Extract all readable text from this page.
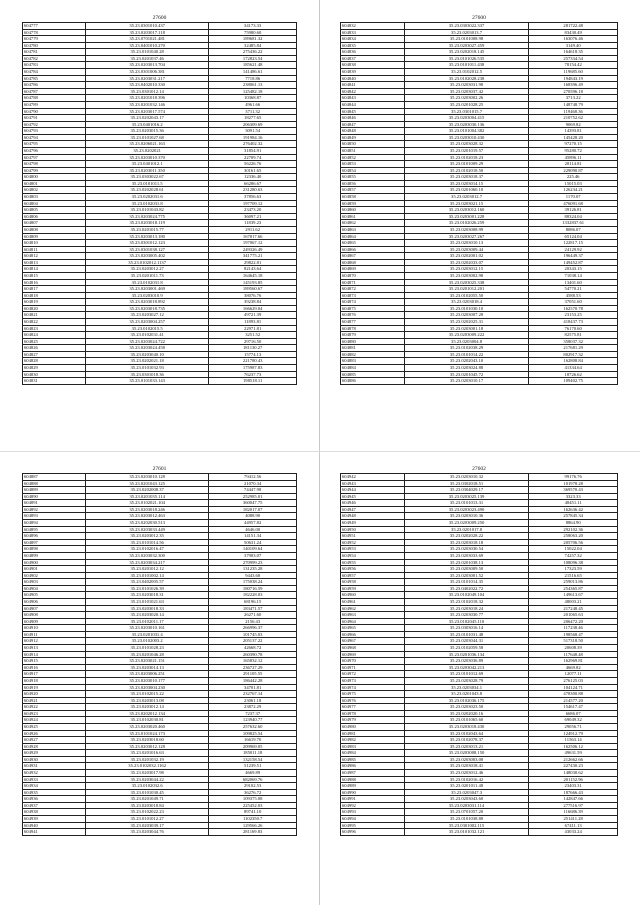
27600
604777	35.23.0301010.437	34173.33
604778	35.23.0203017.118	75980.60
604779	35.23.0701021.481	189681.32
604780	35.23.0401010.270	32485.84
604781	35.23.0101040.28	275436.22
604782	35.23.0201037.46	172823.54
604783	35.23.0203013.704	185621.48
604784	35.23.0301006.381	141486.61
604785	35.23.0203031.217	7718.86
604786	35.23.0402010.330	238061.13
604787	35.23.0301012.14	125482.18
604788	35.23.0201018.396	10368.87
604789	35.23.0201032.146	4961.66
604790	35.23.0203017.574	3711.32
604791	35.23.0202043.17	18277.65
604792	35.23.0401016.2	206309.69
604793	35.23.0203015.36	3091.54
604794	35.23.0101027.68	191984.16
604795	35.23.0206021.163	276402.32
604796	35.23.0202021	31854.91
604797	35.23.0203010.370	22709.74
604798	35.23.0401012.1	56226.76
604799	35.23.0203011.350	30161.65
604800	35.23.0303022.67	12336.40
604801	35.23.0101011.5	66286.67
604802	35.23.0202028.61	231280.63
604803	35.23.0202031.6	37856.63
604804	35.23.0102031.8	197709.12
604805	35.23.0101043.82	23473.20
604806	35.23.0203024.775	36097.21
604807	35.23.0203018.119	11839.23
604808	35.23.0201015.77	2911.62
604809	35.23.0203013.180	167817.66
604810	35.23.0301012.123	197067.12
604811	35.23.0301038.127	249326.49
604812	35.23.0203005.402	341775.21
604813	35.23.0102012.1137	29822.81
604814	35.23.0203012.27	82143.64
604815	35.23.0201011.73	164645.18
604816	35.23.0102031.8	145193.85
604817	35.23.0203001.469	189560.67
604818	35.23.0203010.9	38076.76
604819	35.23.0203018.892	39238.84
604820	35.23.0203018.735	166629.04
604821	35.23.0203027.12	49721.39
604822	35.23.0203004.257	11893.81
604823	35.23.0102015.5	22971.81
604824	35.23.0102031.41	3251.52
604825	35.23.0203024.722	29716.50
604826	35.23.0203024.458	181130.27
604827	35.23.0203040.10	15774.13
604828	35.23.0202021.18	221780.43
604829	35.23.0101032.93	175987.83
604830	35.23.0301018.36	76237.73
604831	35.23.0101033.143	198518.11
27600
604832	35.23.0303022.337	281722.48
604833	35.23.0203013.7	83430.49
604834	35.23.0101008.98	163076.46
604835	35.23.0203027.459	3149.40
604836	35.23.0202018.145	164618.35
604837	35.23.0101026.535	257334.54
604838	35.23.0101011.438	78154.42
604839	35.23.0102012.5	119685.60
604840	35.23.0102028.238	194843.19
604841	35.23.0203031.98	168396.49
604842	35.23.0203037.42	270596.18
604843	35.23.0203002.26	3713.22
604844	35.23.0201028.25	148748.79
604845	35.23.0301015.7	119468.36
604846	35.23.0203004.415	210752.62
604847	35.23.0203030.136	9069.82
604848	35.23.0101004.382	14393.81
604849	35.23.0203010.430	145428.20
604850	35.23.0203028.32	97270.15
604851	35.23.0201019.57	95280.72
604852	35.23.0102018.23	45896.11
604853	35.23.0101009.29	28114.81
604854	35.23.0102018.50	229090.87
604855	35.23.0203018.37	225.46
604856	35.23.0203014.15	15015.03
604857	35.23.0201060.10	126234.21
604858	35.23.0203012.7	1170.07
604859	35.23.0203021.15	476091.68
604860	35.23.0203012.160	39126.81
604861	35.23.0203001.228	88324.04
604862	35.23.0102026.259	1332837.61
604863	35.23.0203008.99	8086.07
604864	35.23.0203027.267	65124.04
604865	35.23.0203010.13	122817.15
604866	35.23.0203009.44	24129.92
604867	35.23.0202001.02	196449.37
604868	35.23.0202033.07	149452.87
604869	35.23.0203012.15	20343.15
604870	35.23.0203002.98	71038.14
604871	35.23.0203025.338	13401.60
604872	35.23.0201012.201	54770.21
604873	35.23.0102055.50	4588.53
604874	35.23.0203018.4	37051.60
604875	35.23.0101030.10	162570.78
604876	35.23.0203007.28	23153.25
604877	35.23.0202025.31	418437.73
604878	35.23.0203001.18	76170.60
604879	35.23.0203009.222	82575.81
604880	35.23.0203004.8	358037.32
604881	35.23.0102038.29	217681.29
604882	35.23.0101014.22	802917.32
604883	35.23.0202043.10	162808.84
604884	35.23.0203024.88	41334.64
604885	35.23.0201045.72	18726.62
604886	35.23.0203010.17	109402.75
27601
604887	35.23.0203010.128	79412.56
604888	35.23.0201043.125	21070.34
604889	35.23.0202008.37	74447.98
604890	35.23.0201035.114	252985.01
604891	35.23.0102021.104	360047.75
604892	35.23.0203018.246	182017.07
604893	35.23.0203012.463	4088.90
604894	35.23.0202030.513	44957.82
604895	35.23.0203033.449	4646.00
604896	35.23.0203012.35	14151.34
604897	35.23.0101014.56	50631.24
604898	35.23.0102016.47	140109.64
604899	35.23.0203032.300	37903.07
604900	35.23.0203034.217	270999.23
604901	35.23.0201012.12	131235.28
604902	35.23.0101002.14	9443.68
604903	35.23.0402005.57	175038.24
604904	35.23.0101026.39	180716.59
604905	35.23.0203018.31	182228.03
604906	35.23.0101021.63	68196.15
604907	35.23.0203018.33	183471.57
604908	35.23.0203020.14	26271.60
604909	35.23.0102011.17	2156.43
604910	35.23.0203010.161	266996.37
604911	35.23.0201031.4	101745.03
604912	35.23.0102003.2	205137.22
604913	35.23.0101028.23	42668.72
604914	35.23.0201046.28	260390.78
604915	35.23.0203021.151	165832.12
604916	35.23.0203014.13	236727.29
604917	35.23.0203006.251	291105.55
604918	35.23.0203010.177	186442.28
604919	35.23.0203004.230	34701.81
604920	35.23.0102015.22	232767.14
604921	35.23.0203013.08	23061.18
604922	35.23.0203012.14	23872.29
604923	35.23.0202012.134	7237.37
604924	35.23.0102030.81	123940.77
604925	35.23.0203020.460	257632.60
604926	35.23.0101024.173	109825.54
604927	35.23.0203018.60	16619.70
604928	35.23.0203012.128	209969.05
604929	35.23.0201016.63	185011.18
604930	35.23.0201032.19	132158.54
604931	35.23.0102032.1162	51239.51
604932	35.23.0203017.98	4669.89
604933	35.23.0203044.22	682069.76
604934	35.23.0102032.6	29102.53
604935	35.23.0101030.45	36276.72
604936	35.23.0201049.71	109375.08
604937	35.23.0203018.84	225452.03
604938	35.23.0102022.23	89741.10
604939	35.23.0101012.27	1102350.7
604940	35.23.0203039.17	129566.26
604941	35.23.0203044.76	281169.83
27602
604942	35.23.0203010.32	99176.76
604943	35.23.0302018.51	101978.28
604944	35.23.0304029.17	369570.43
604945	35.23.0203025.139	3323.33
604946	35.23.0101013.31	48451.11
604947	35.23.0203023.490	162636.42
604948	35.23.0203010.36	257845.34
604949	35.23.0203009.250	8864.90
604950	35.23.0201017.8	292102.36
604951	35.23.0202028.22	258063.20
604952	35.23.0203018.18	205706.56
604953	35.23.0203030.54	15022.04
604954	35.23.0203033.69	74257.32
604955	35.23.0201038.13	108096.38
604956	35.23.0203009.50	17323.59
604957	35.23.0203001.52	21516.65
604958	35.23.0101014.35	259013.86
604959	35.23.0402022.72	254365.87
604960	35.23.0102049.104	149613.67
604961	35.23.0102018.32	48003.21
604962	35.23.0203018.24	217248.45
604963	35.23.0203030.77	201065.63
604964	35.23.0102045.110	206472.20
604965	35.23.0303016.14	117238.46
604966	35.23.0101031.48	198568.47
604967	35.23.0203044.31	517318.50
604968	35.23.0102059.58	20608.39
604969	35.23.0201036.134	117648.48
604970	35.23.0203036.89	162969.81
604971	35.23.0203042.213	4669.82
604972	35.23.0101012.69	12077.11
604973	35.23.0203028.79	276125.03
604974	35.23.0203034.1	104124.71
604975	35.23.0201043.8	478300.88
604976	35.23.0102036.175	214577.20
604977	35.23.0203023.50	154617.47
604978	35.23.0202020.16	6686.07
604979	35.23.0101065.60	69049.32
604980	35.23.0203018.430	29056.71
604981	35.23.0102043.64	124912.79
604982	35.23.0102078.37	11563.14
604983	35.23.0203013.21	162506.12
604984	35.23.0203008.150	49631.59
604985	35.23.0203003.08	212662.66
604986	35.23.0203018.41	227430.23
604987	35.23.0203012.46	148030.62
604988	35.23.0102016.42	201152.96
604989	35.23.0201011.48	23403.31
604990	35.23.0203047.3	187666.43
604991	35.23.0203043.60	142847.66
604992	35.23.0203031.114	277516.97
604993	35.23.0701057.20	116686.39
604994	35.23.0101038.88	251411.28
604995	35.23.0301002.115	67411.13
604996	35.23.0101032.121	43033.24
